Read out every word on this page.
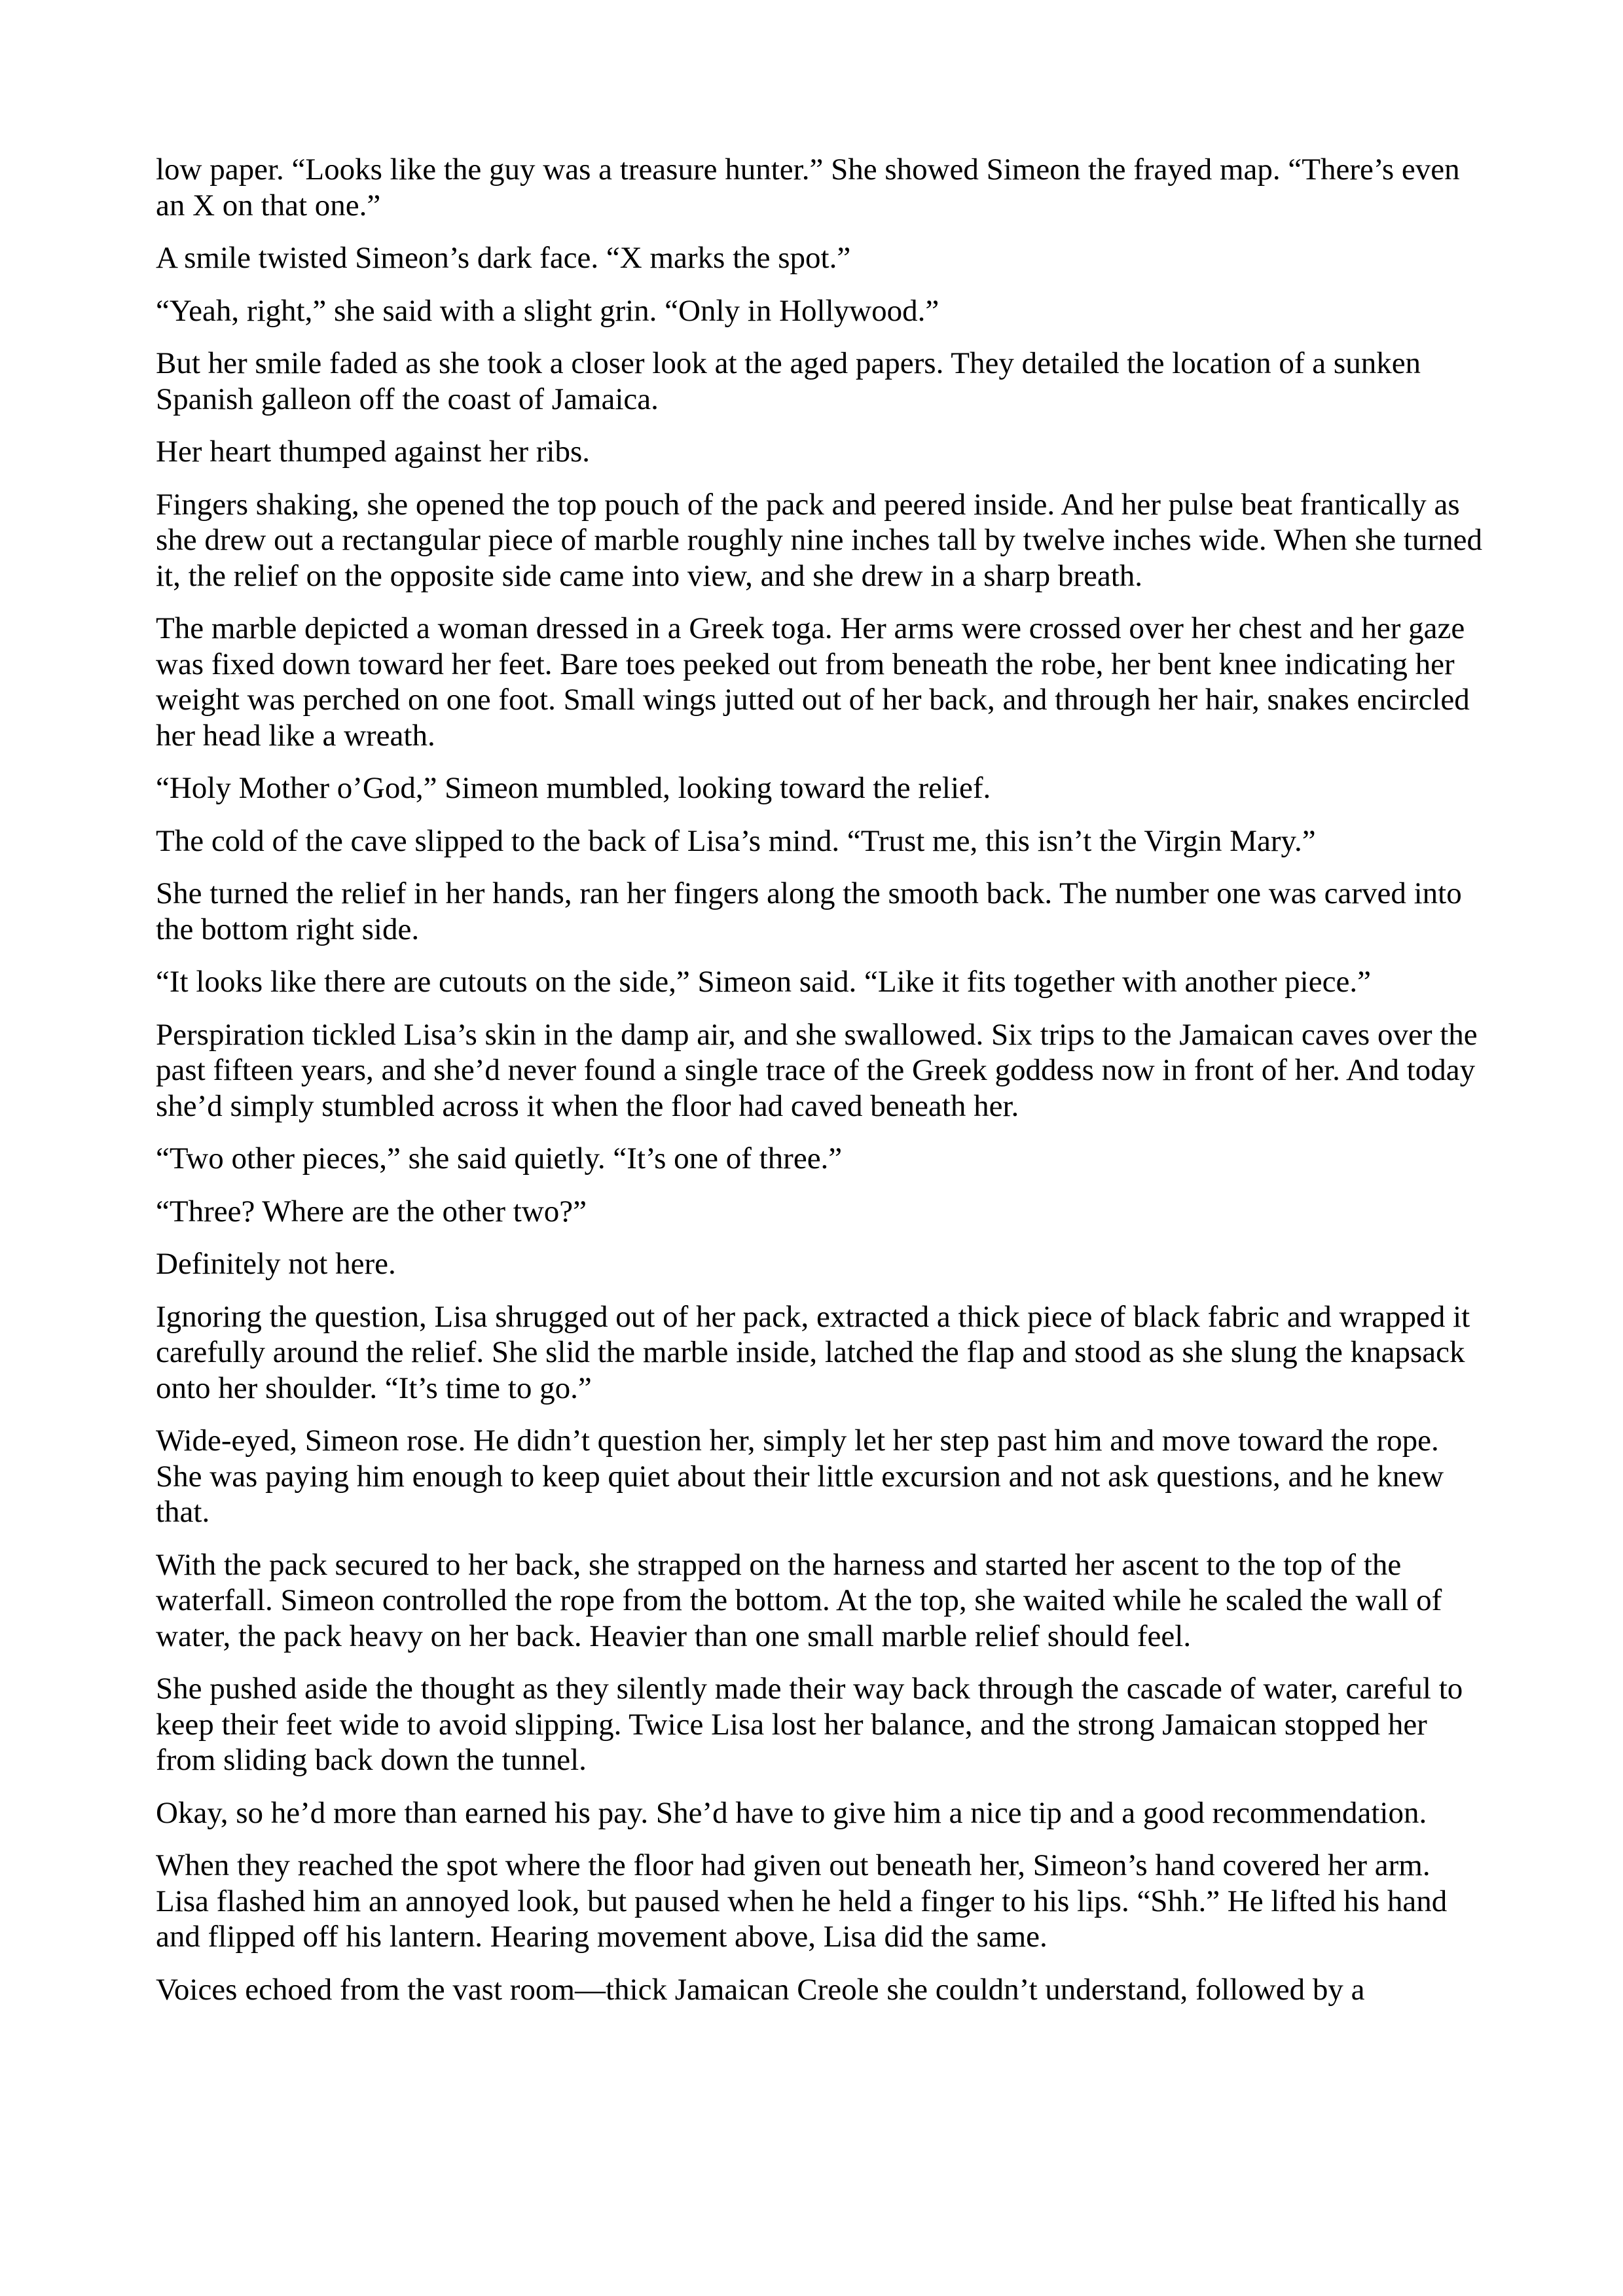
low paper. “Looks like the guy was a treasure hunter.” She showed Simeon the frayed map. “There’s even an X on that one.”

A smile twisted Simeon’s dark face. “X marks the spot.”

“Yeah, right,” she said with a slight grin. “Only in Hollywood.”

But her smile faded as she took a closer look at the aged papers. They detailed the location of a sunken Spanish galleon off the coast of Jamaica.

Her heart thumped against her ribs.

Fingers shaking, she opened the top pouch of the pack and peered inside. And her pulse beat frantically as she drew out a rectangular piece of marble roughly nine inches tall by twelve inches wide. When she turned it, the relief on the opposite side came into view, and she drew in a sharp breath.

The marble depicted a woman dressed in a Greek toga. Her arms were crossed over her chest and her gaze was fixed down toward her feet. Bare toes peeked out from beneath the robe, her bent knee indicating her weight was perched on one foot. Small wings jutted out of her back, and through her hair, snakes encircled her head like a wreath.

“Holy Mother o’God,” Simeon mumbled, looking toward the relief.

The cold of the cave slipped to the back of Lisa’s mind. “Trust me, this isn’t the Virgin Mary.”

She turned the relief in her hands, ran her fingers along the smooth back. The number one was carved into the bottom right side.

“It looks like there are cutouts on the side,” Simeon said. “Like it fits together with another piece.”

Perspiration tickled Lisa’s skin in the damp air, and she swallowed. Six trips to the Jamaican caves over the past fifteen years, and she’d never found a single trace of the Greek goddess now in front of her. And today she’d simply stumbled across it when the floor had caved beneath her.

“Two other pieces,” she said quietly. “It’s one of three.”

“Three? Where are the other two?”

Definitely not here.

Ignoring the question, Lisa shrugged out of her pack, extracted a thick piece of black fabric and wrapped it carefully around the relief. She slid the marble inside, latched the flap and stood as she slung the knapsack onto her shoulder. “It’s time to go.”

Wide-eyed, Simeon rose. He didn’t question her, simply let her step past him and move toward the rope. She was paying him enough to keep quiet about their little excursion and not ask questions, and he knew that.

With the pack secured to her back, she strapped on the harness and started her ascent to the top of the waterfall. Simeon controlled the rope from the bottom. At the top, she waited while he scaled the wall of water, the pack heavy on her back. Heavier than one small marble relief should feel.

She pushed aside the thought as they silently made their way back through the cascade of water, careful to keep their feet wide to avoid slipping. Twice Lisa lost her balance, and the strong Jamaican stopped her from sliding back down the tunnel.

Okay, so he’d more than earned his pay. She’d have to give him a nice tip and a good recommendation.

When they reached the spot where the floor had given out beneath her, Simeon’s hand covered her arm. Lisa flashed him an annoyed look, but paused when he held a finger to his lips. “Shh.” He lifted his hand and flipped off his lantern. Hearing movement above, Lisa did the same.

Voices echoed from the vast room—thick Jamaican Creole she couldn’t understand, followed by a
